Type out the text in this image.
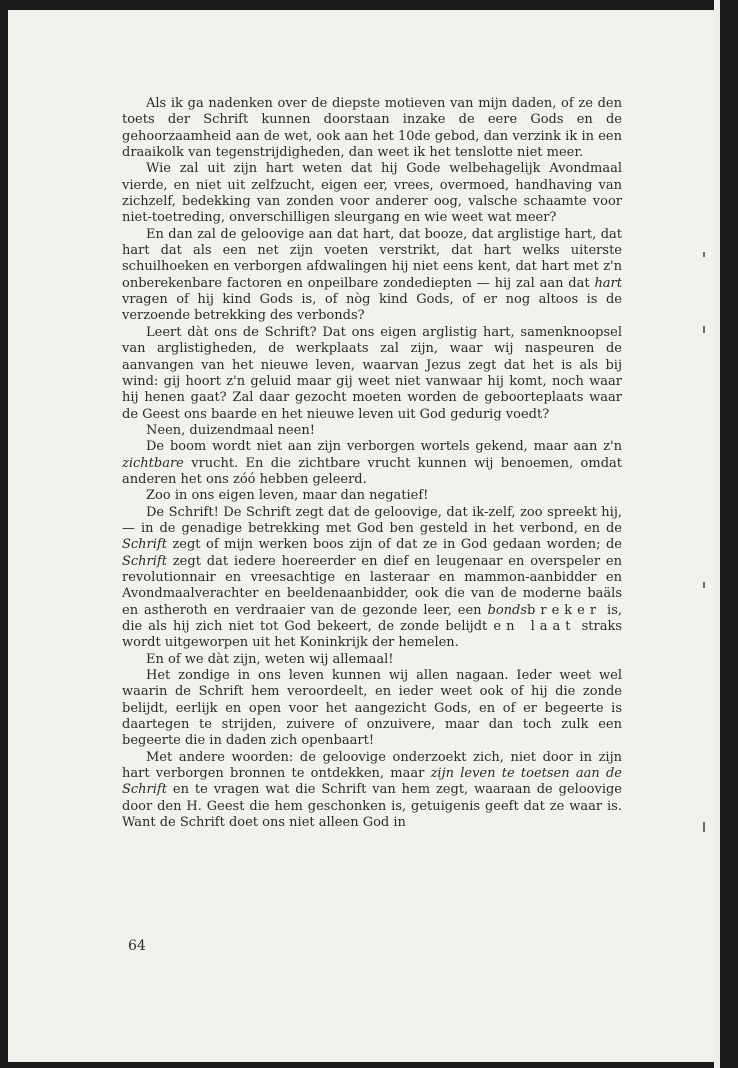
Als ik ga nadenken over de diepste motieven van mijn daden, of ze den toets der Schrift kunnen doorstaan inzake de eere Gods en de gehoorzaamheid aan de wet, ook aan het 10de gebod, dan verzink ik in een draaikolk van tegenstrijdigheden, dan weet ik het tenslotte niet meer.

Wie zal uit zijn hart weten dat hij Gode welbehagelijk Avondmaal vierde, en niet uit zelfzucht, eigen eer, vrees, overmoed, handhaving van zichzelf, bedekking van zonden voor anderer oog, valsche schaamte voor niet-toetreding, onverschilligen sleurgang en wie weet wat meer?

En dan zal de geloovige aan dat hart, dat booze, dat arglistige hart, dat hart dat als een net zijn voeten verstrikt, dat hart welks uiterste schuilhoeken en verborgen afdwalingen hij niet eens kent, dat hart met z'n onberekenbare factoren en onpeilbare zondediepten — hij zal aan dat hart vragen of hij kind Gods is, of nòg kind Gods, of er nog altoos is de verzoende betrekking des verbonds?

Leert dàt ons de Schrift? Dat ons eigen arglistig hart, samenknoopsel van arglistigheden, de werkplaats zal zijn, waar wij naspeuren de aanvangen van het nieuwe leven, waarvan Jezus zegt dat het is als bij wind: gij hoort z'n geluid maar gij weet niet vanwaar hij komt, noch waar hij henen gaat? Zal daar gezocht moeten worden de geboorteplaats waar de Geest ons baarde en het nieuwe leven uit God gedurig voedt?

Neen, duizendmaal neen!

De boom wordt niet aan zijn verborgen wortels gekend, maar aan z'n zichtbare vrucht. En die zichtbare vrucht kunnen wij benoemen, omdat anderen het ons zóó hebben geleerd.

Zoo in ons eigen leven, maar dan negatief!

De Schrift! De Schrift zegt dat de geloovige, dat ik-zelf, zoo spreekt hij, — in de genadige betrekking met God ben gesteld in het verbond, en de Schrift zegt of mijn werken boos zijn of dat ze in God gedaan worden; de Schrift zegt dat iedere hoereerder en dief en leugenaar en overspeler en revolutionnair en vreesachtige en lasteraar en mammon-aanbidder en Avondmaalverachter en beeldenaanbidder, ook die van de moderne baäls en astheroth en verdraaier van de gezonde leer, een bondsbreker is, die als hij zich niet tot God bekeert, de zonde belijdt en laat straks wordt uitgeworpen uit het Koninkrijk der hemelen.

En of we dàt zijn, weten wij allemaal!

Het zondige in ons leven kunnen wij allen nagaan. Ieder weet wel waarin de Schrift hem veroordeelt, en ieder weet ook of hij die zonde belijdt, eerlijk en open voor het aangezicht Gods, en of er begeerte is daartegen te strijden, zuivere of onzuivere, maar dan toch zulk een begeerte die in daden zich openbaart!

Met andere woorden: de geloovige onderzoekt zich, niet door in zijn hart verborgen bronnen te ontdekken, maar zijn leven te toetsen aan de Schrift en te vragen wat die Schrift van hem zegt, waaraan de geloovige door den H. Geest die hem geschonken is, getuigenis geeft dat ze waar is. Want de Schrift doet ons niet alleen God in

64
